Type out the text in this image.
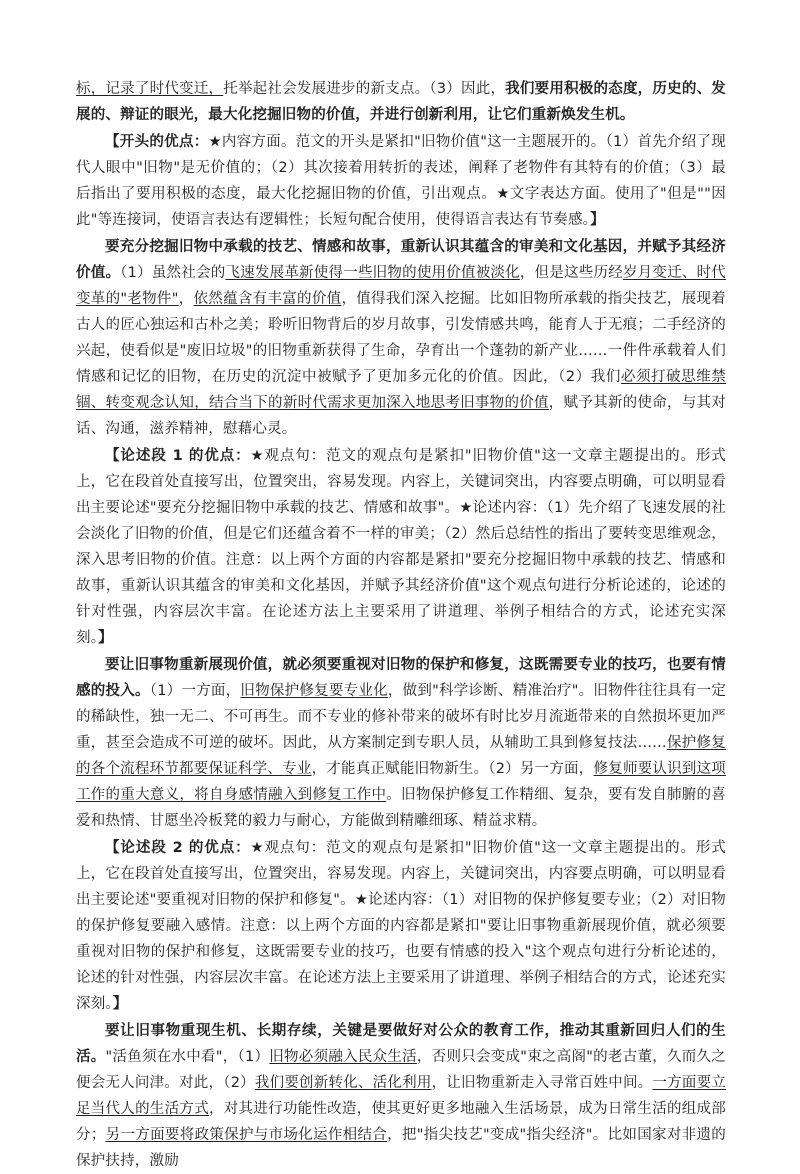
标，记录了时代变迁，托举起社会发展进步的新支点。（3）因此，我们要用积极的态度，历史的、发展的、辩证的眼光，最大化挖掘旧物的价值，并进行创新利用，让它们重新焕发生机。

【开头的优点：★内容方面。范文的开头是紧扣"旧物价值"这一主题展开的。（1）首先介绍了现代人眼中"旧物"是无价值的；（2）其次接着用转折的表述，阐释了老物件有其特有的价值；（3）最后指出了要用积极的态度，最大化挖掘旧物的价值，引出观点。★文字表达方面。使用了"但是""因此"等连接词，使语言表达有逻辑性；长短句配合使用，使得语言表达有节奏感。】

要充分挖掘旧物中承载的技艺、情感和故事，重新认识其蕴含的审美和文化基因，并赋予其经济价值。（1）虽然社会的飞速发展革新使得一些旧物的使用价值被淡化，但是这些历经岁月变迁、时代变革的"老物件"，依然蕴含有丰富的价值，值得我们深入挖掘。比如旧物所承载的指尖技艺，展现着古人的匠心独运和古朴之美；聆听旧物背后的岁月故事，引发情感共鸣，能育人于无痕；二手经济的兴起，使看似是"废旧垃圾"的旧物重新获得了生命，孕育出一个蓬勃的新产业……一件件承载着人们情感和记忆的旧物，在历史的沉淀中被赋予了更加多元化的价值。因此，（2）我们必须打破思维禁锢、转变观念认知，结合当下的新时代需求更加深入地思考旧事物的价值，赋予其新的使命，与其对话、沟通，滋养精神，慰藉心灵。

【论述段 1 的优点：★观点句：范文的观点句是紧扣"旧物价值"这一文章主题提出的。形式上，它在段首处直接写出，位置突出，容易发现。内容上，关键词突出，内容要点明确，可以明显看出主要论述"要充分挖掘旧物中承载的技艺、情感和故事"。★论述内容：（1）先介绍了飞速发展的社会淡化了旧物的价值，但是它们还蕴含着不一样的审美；（2）然后总结性的指出了要转变思维观念，深入思考旧物的价值。注意：以上两个方面的内容都是紧扣"要充分挖掘旧物中承载的技艺、情感和故事，重新认识其蕴含的审美和文化基因，并赋予其经济价值"这个观点句进行分析论述的，论述的针对性强，内容层次丰富。在论述方法上主要采用了讲道理、举例子相结合的方式，论述充实深刻。】

要让旧事物重新展现价值，就必须要重视对旧物的保护和修复，这既需要专业的技巧，也要有情感的投入。（1）一方面，旧物保护修复要专业化，做到"科学诊断、精准治疗"。旧物件往往具有一定的稀缺性，独一无二、不可再生。而不专业的修补带来的破坏有时比岁月流逝带来的自然损坏更加严重，甚至会造成不可逆的破坏。因此，从方案制定到专职人员，从辅助工具到修复技法……保护修复的各个流程环节都要保证科学、专业，才能真正赋能旧物新生。（2）另一方面，修复师要认识到这项工作的重大意义，将自身感情融入到修复工作中。旧物保护修复工作精细、复杂，要有发自肺腑的喜爱和热情、甘愿坐冷板凳的毅力与耐心，方能做到精雕细琢、精益求精。

【论述段 2 的优点：★观点句：范文的观点句是紧扣"旧物价值"这一文章主题提出的。形式上，它在段首处直接写出，位置突出，容易发现。内容上，关键词突出，内容要点明确，可以明显看出主要论述"要重视对旧物的保护和修复"。★论述内容：（1）对旧物的保护修复要专业；（2）对旧物的保护修复要融入感情。注意：以上两个方面的内容都是紧扣"要让旧事物重新展现价值，就必须要重视对旧物的保护和修复，这既需要专业的技巧，也要有情感的投入"这个观点句进行分析论述的，论述的针对性强，内容层次丰富。在论述方法上主要采用了讲道理、举例子相结合的方式，论述充实深刻。】

要让旧事物重现生机、长期存续，关键是要做好对公众的教育工作，推动其重新回归人们的生活。"活鱼须在水中看"，（1）旧物必须融入民众生活，否则只会变成"束之高阁"的老古董，久而久之便会无人问津。对此，（2）我们要创新转化、活化利用，让旧物重新走入寻常百姓中间。一方面要立足当代人的生活方式，对其进行功能性改造，使其更好更多地融入生活场景，成为日常生活的组成部分；另一方面要将政策保护与市场化运作相结合，把"指尖技艺"变成"指尖经济"。比如国家对非遗的保护扶持，激励
